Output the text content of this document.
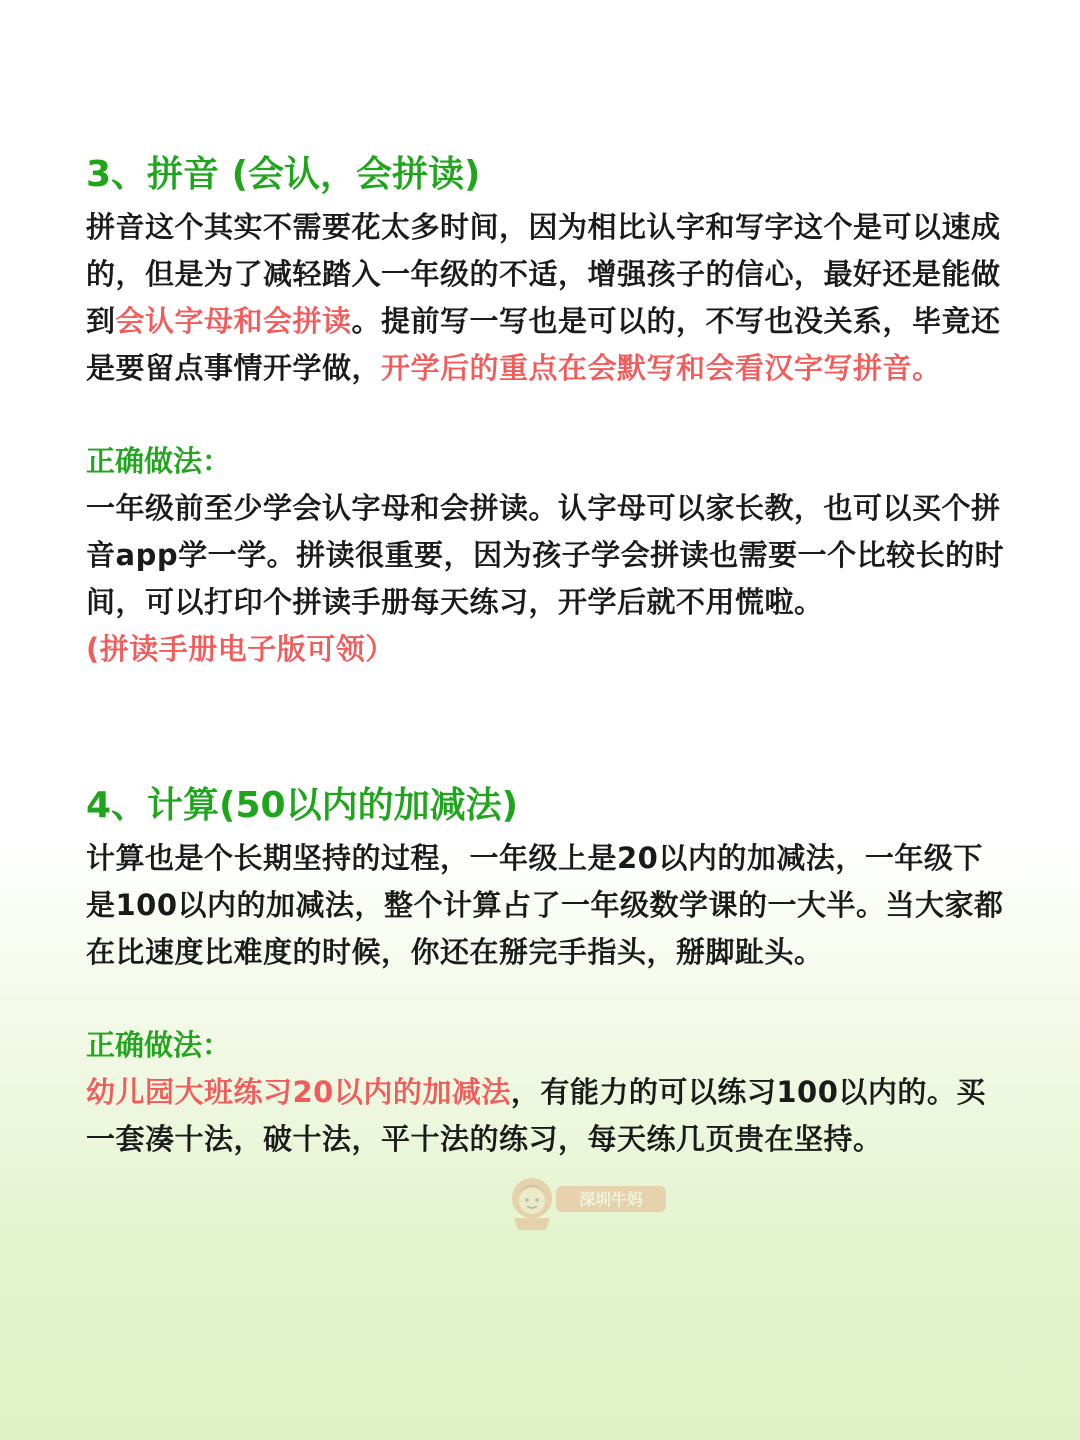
3、拼音 (会认，会拼读)

拼音这个其实不需要花太多时间，因为相比认字和写字这个是可以速成的，但是为了减轻踏入一年级的不适，增强孩子的信心，最好还是能做到会认字母和会拼读。提前写一写也是可以的，不写也没关系，毕竟还是要留点事情开学做，开学后的重点在会默写和会看汉字写拼音。

正确做法：

一年级前至少学会认字母和会拼读。认字母可以家长教，也可以买个拼音app学一学。拼读很重要，因为孩子学会拼读也需要一个比较长的时间，可以打印个拼读手册每天练习，开学后就不用慌啦。

(拼读手册电子版可领）

4、计算(50以内的加减法)

计算也是个长期坚持的过程，一年级上是20以内的加减法，一年级下是100以内的加减法，整个计算占了一年级数学课的一大半。当大家都在比速度比难度的时候，你还在掰完手指头，掰脚趾头。

正确做法：

幼儿园大班练习20以内的加减法，有能力的可以练习100以内的。买一套凑十法，破十法，平十法的练习，每天练几页贵在坚持。

深圳牛妈
